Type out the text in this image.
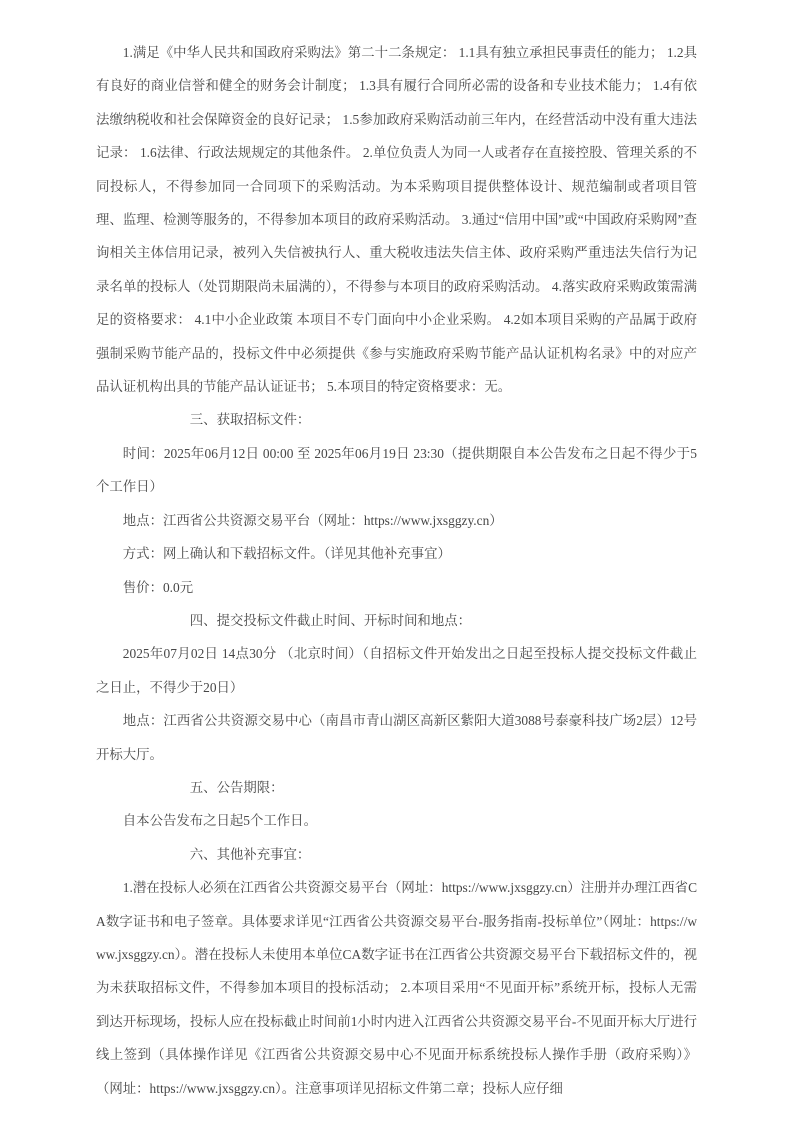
1.满足《中华人民共和国政府采购法》第二十二条规定： 1.1具有独立承担民事责任的能力； 1.2具有良好的商业信誉和健全的财务会计制度； 1.3具有履行合同所必需的设备和专业技术能力； 1.4有依法缴纳税收和社会保障资金的良好记录； 1.5参加政府采购活动前三年内，在经营活动中没有重大违法记录： 1.6法律、行政法规规定的其他条件。 2.单位负责人为同一人或者存在直接控股、管理关系的不同投标人，不得参加同一合同项下的采购活动。为本采购项目提供整体设计、规范编制或者项目管理、监理、检测等服务的，不得参加本项目的政府采购活动。 3.通过“信用中国”或“中国政府采购网”查询相关主体信用记录，被列入失信被执行人、重大税收违法失信主体、政府采购严重违法失信行为记录名单的投标人（处罚期限尚未届满的），不得参与本项目的政府采购活动。 4.落实政府采购政策需满足的资格要求： 4.1中小企业政策 本项目不专门面向中小企业采购。 4.2如本项目采购的产品属于政府强制采购节能产品的，投标文件中必须提供《参与实施政府采购节能产品认证机构名录》中的对应产品认证机构出具的节能产品认证证书； 5.本项目的特定资格要求：无。

三、获取招标文件：

时间：2025年06月12日 00:00 至 2025年06月19日 23:30（提供期限自本公告发布之日起不得少于5个工作日）

地点：江西省公共资源交易平台（网址：https://www.jxsggzy.cn）

方式：网上确认和下载招标文件。（详见其他补充事宜）

售价：0.0元

四、提交投标文件截止时间、开标时间和地点：

2025年07月02日 14点30分 （北京时间）（自招标文件开始发出之日起至投标人提交投标文件截止之日止，不得少于20日）

地点：江西省公共资源交易中心（南昌市青山湖区高新区紫阳大道3088号泰豪科技广场2层）12号开标大厅。

五、公告期限：

自本公告发布之日起5个工作日。

六、其他补充事宜：

1.潜在投标人必须在江西省公共资源交易平台（网址：https://www.jxsggzy.cn）注册并办理江西省CA数字证书和电子签章。具体要求详见“江西省公共资源交易平台-服务指南-投标单位”（网址：https://www.jxsggzy.cn）。潜在投标人未使用本单位CA数字证书在江西省公共资源交易平台下载招标文件的，视为未获取招标文件，不得参加本项目的投标活动； 2.本项目采用“不见面开标”系统开标，投标人无需到达开标现场，投标人应在投标截止时间前1小时内进入江西省公共资源交易平台-不见面开标大厅进行线上签到（具体操作详见《江西省公共资源交易中心不见面开标系统投标人操作手册（政府采购）》（网址：https://www.jxsggzy.cn）。注意事项详见招标文件第二章；投标人应仔细
